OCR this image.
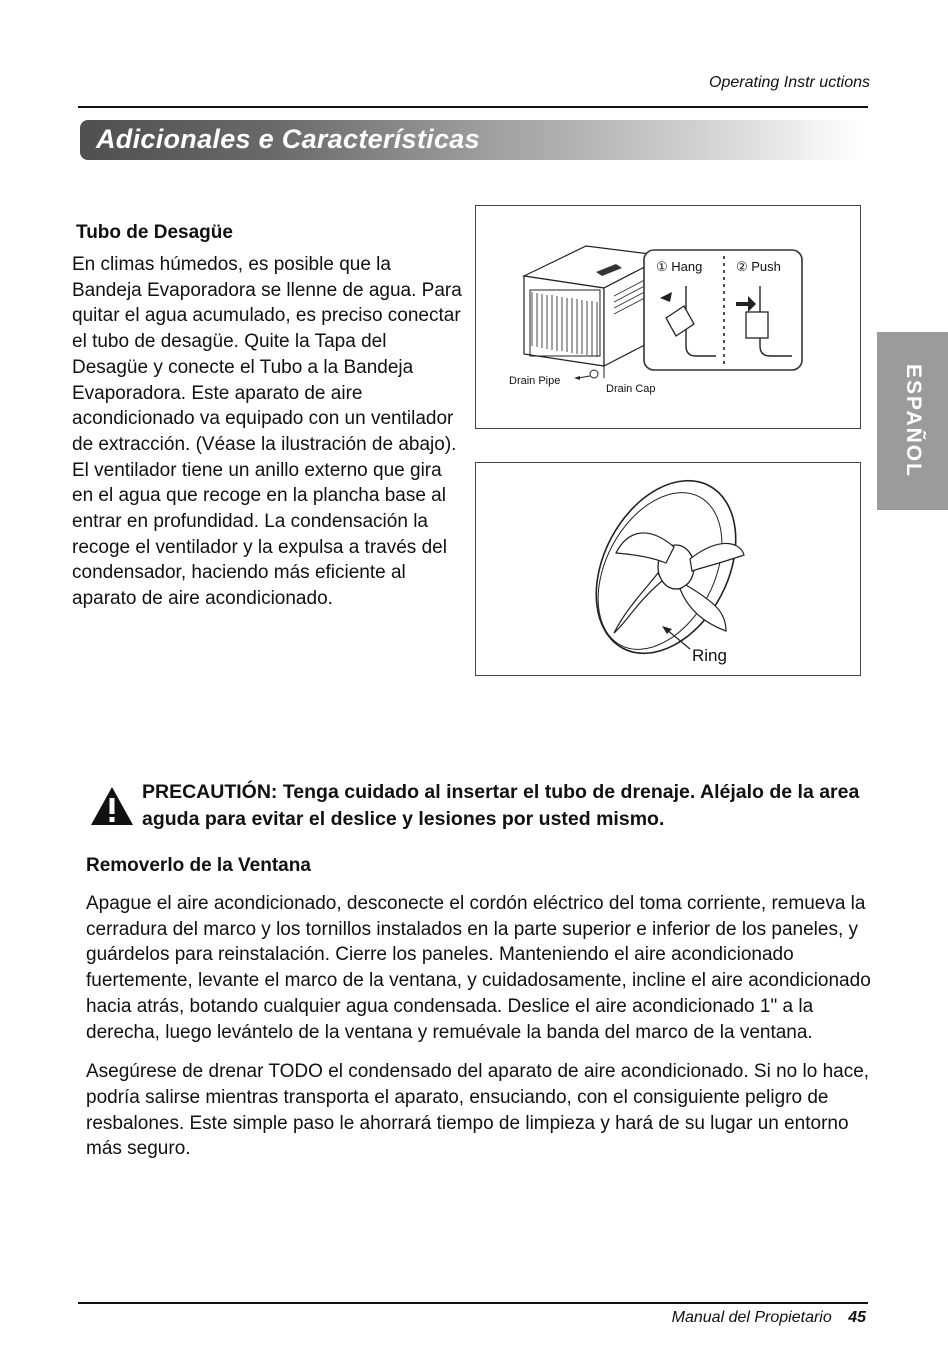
Operating Instr uctions
Adicionales e Características
ESPAÑOL
Tubo de Desagüe

En climas húmedos, es posible que la Bandeja Evaporadora se llenne de agua. Para quitar el agua acumulado, es preciso conectar el tubo de desagüe. Quite la Tapa del Desagüe y conecte el Tubo a la Bandeja Evaporadora. Este aparato de aire acondicionado va equipado con un ventilador de extracción. (Véase la ilustración de abajo). El ventilador tiene un anillo externo que gira en el agua que recoge en la plancha base al entrar en profundidad. La condensación la recoge el ventilador y la expulsa a través del condensador, haciendo más eficiente al aparato de aire acondicionado.

Drain Pipe
Drain Cap
① Hang	② Push
Ring
PRECAUTIÓN: Tenga cuidado al insertar el tubo de drenaje. Aléjalo de la area aguda para evitar el deslice y lesiones por usted mismo.
Removerlo de la Ventana

Apague el aire acondicionado, desconecte el cordón eléctrico del toma corriente, remueva la cerradura del marco y los tornillos instalados en la parte superior e inferior de los paneles, y guárdelos para reinstalación. Cierre los paneles. Manteniendo el aire acondicionado fuertemente, levante el marco de la ventana, y cuidadosamente, incline el aire acondicionado hacia atrás, botando cualquier agua condensada. Deslice el aire acondicionado 1" a la derecha, luego levántelo de la ventana y remuévale la banda del marco de la ventana.

Asegúrese de drenar TODO el condensado del aparato de aire acondicionado. Si no lo hace, podría salirse mientras transporta el aparato, ensuciando, con el consiguiente peligro de resbalones. Este simple paso le ahorrará tiempo de limpieza y hará de su lugar un entorno más seguro.

Manual del Propietario 45
